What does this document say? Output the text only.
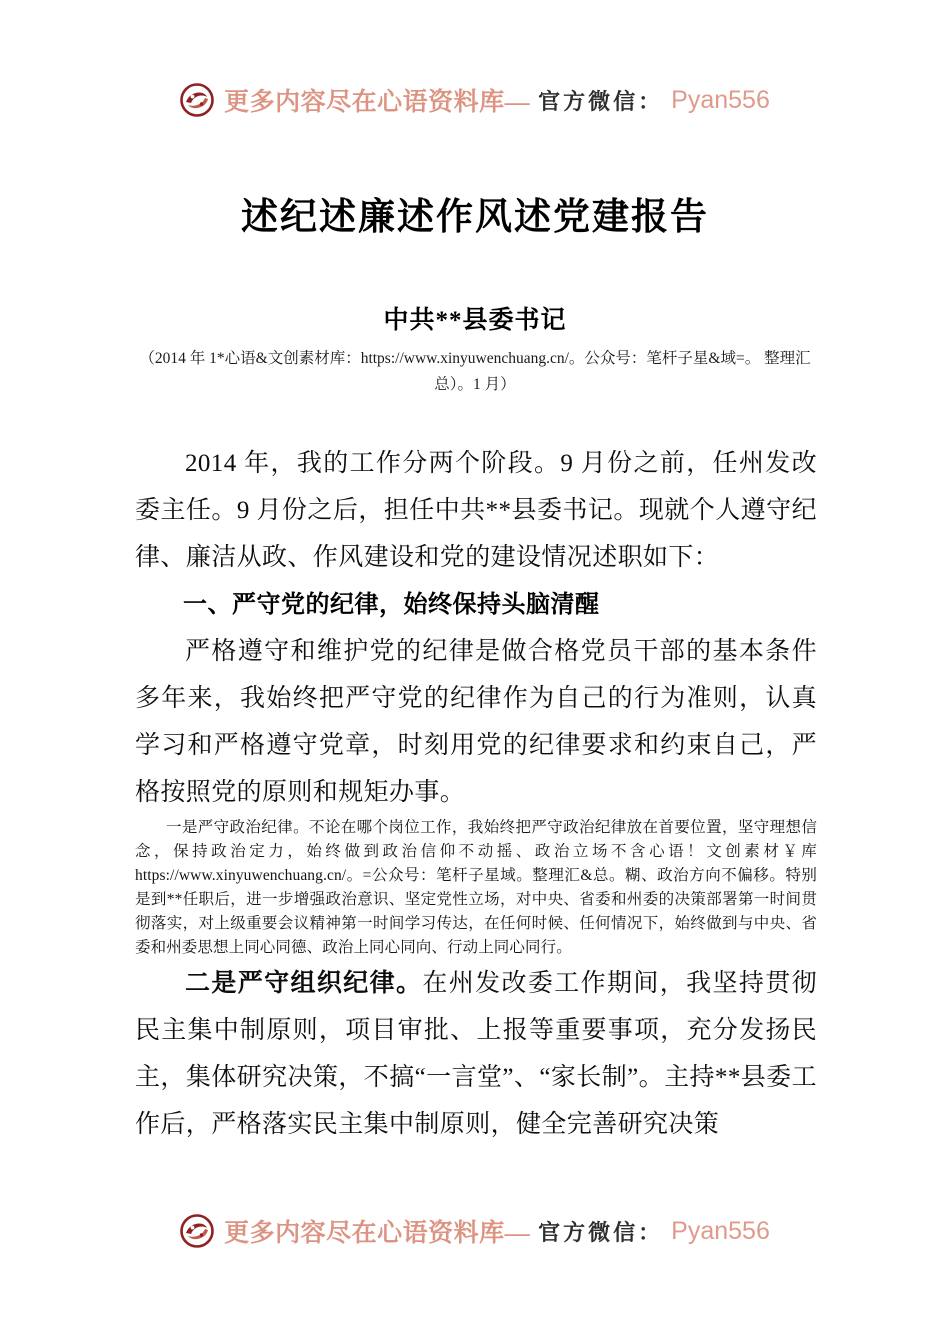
更多内容尽在心语资料库— 官方微信： Pyan556
述纪述廉述作风述党建报告
中共**县委书记
（2014 年 1*心语&文创素材库：https://www.xinyuwenchuang.cn/。公众号：笔杆子星&域=。 整理汇总）。1 月）

2014 年，我的工作分两个阶段。9 月份之前，任州发改委主任。9 月份之后，担任中共**县委书记。现就个人遵守纪律、廉洁从政、作风建设和党的建设情况述职如下：

一、严守党的纪律，始终保持头脑清醒

严格遵守和维护党的纪律是做合格党员干部的基本条件多年来，我始终把严守党的纪律作为自己的行为准则，认真学习和严格遵守党章，时刻用党的纪律要求和约束自己，严格按照党的原则和规矩办事。

一是严守政治纪律。不论在哪个岗位工作，我始终把严守政治纪律放在首要位置，坚守理想信念，保持政治定力，始终做到政治信仰不动摇、政治立场不含心语！文创素材￥库https://www.xinyuwenchuang.cn/。=公众号：笔杆子星域。整理汇&总。糊、政治方向不偏移。特别是到**任职后，进一步增强政治意识、坚定党性立场，对中央、省委和州委的决策部署第一时间贯彻落实，对上级重要会议精神第一时间学习传达，在任何时候、任何情况下，始终做到与中央、省委和州委思想上同心同德、政治上同心同向、行动上同心同行。

二是严守组织纪律。在州发改委工作期间，我坚持贯彻民主集中制原则，项目审批、上报等重要事项，充分发扬民主，集体研究决策，不搞“一言堂”、“家长制”。主持**县委工作后，严格落实民主集中制原则，健全完善研究决策

更多内容尽在心语资料库— 官方微信： Pyan556
